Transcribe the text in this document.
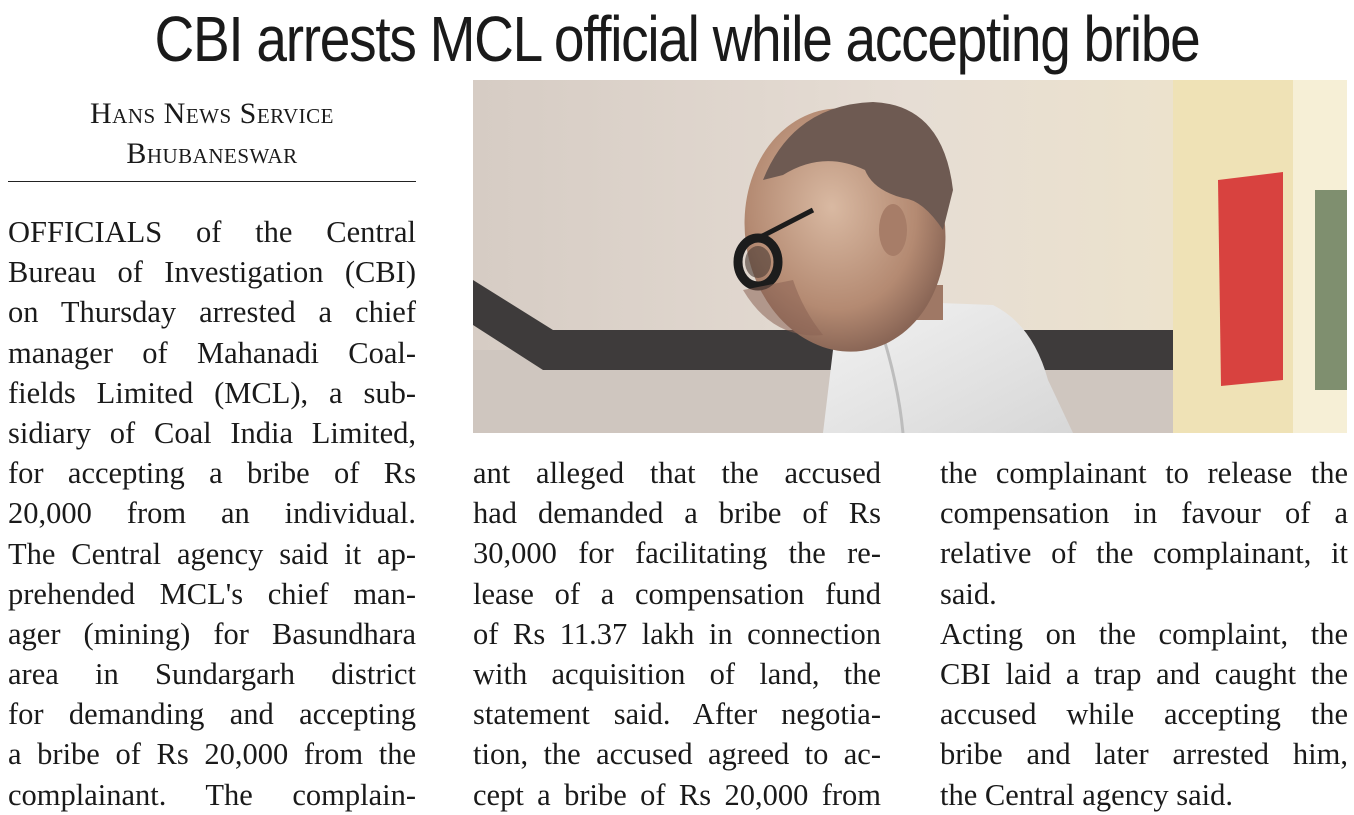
CBI arrests MCL official while accepting bribe
Hans News Service
Bhubaneswar
OFFICIALS of the Central
Bureau of Investigation (CBI)
on Thursday arrested a chief
manager of Mahanadi Coal-
fields Limited (MCL), a sub-
sidiary of Coal India Limited,
for accepting a bribe of Rs
20,000 from an individual.
The Central agency said it ap-
prehended MCL's chief man-
ager (mining) for Basundhara
area in Sundargarh district
for demanding and accepting
a bribe of Rs 20,000 from the
complainant. The complain-
ant alleged that the accused
had demanded a bribe of Rs
30,000 for facilitating the re-
lease of a compensation fund
of Rs 11.37 lakh in connection
with acquisition of land, the
statement said. After negotia-
tion, the accused agreed to ac-
cept a bribe of Rs 20,000 from
the complainant to release the
compensation in favour of a
relative of the complainant, it
said.
Acting on the complaint, the
CBI laid a trap and caught the
accused while accepting the
bribe and later arrested him,
the Central agency said.
